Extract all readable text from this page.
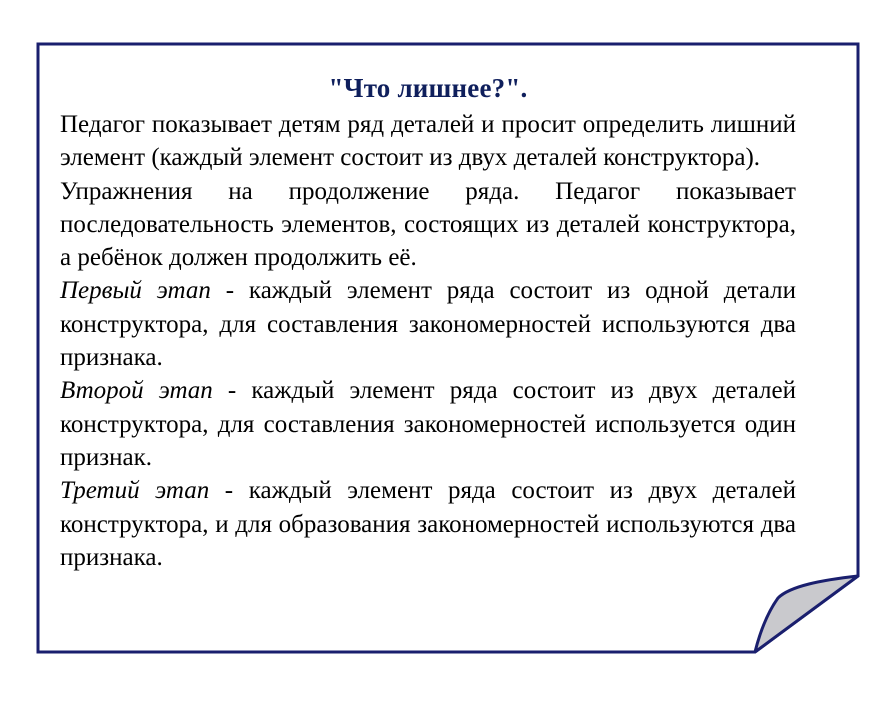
"Что лишнее?".

Педагог показывает детям ряд деталей и просит определить лишний элемент (каждый элемент состоит из двух деталей конструктора).

Упражнения на продолжение ряда. Педагог показывает последовательность элементов, состоящих из деталей конструктора, а ребёнок должен продолжить её.

Первый этап - каждый элемент ряда состоит из одной детали конструктора, для составления закономерностей используются два признака.

Второй этап - каждый элемент ряда состоит из двух деталей конструктора, для составления закономерностей используется один признак.

Третий этап - каждый элемент ряда состоит из двух деталей конструктора, и для образования закономерностей используются два признака.
